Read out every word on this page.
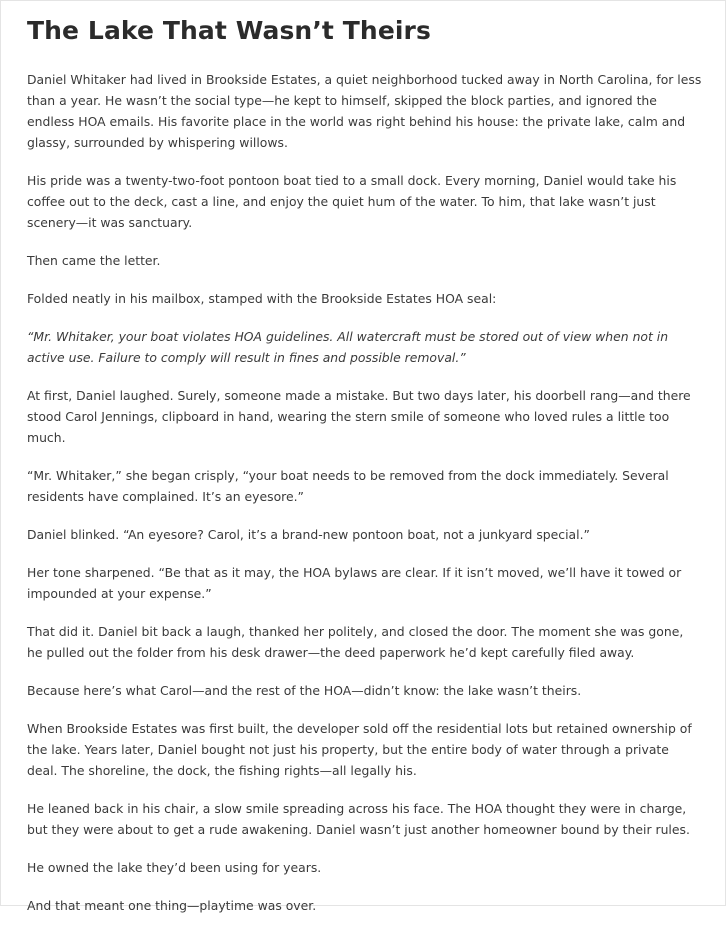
The Lake That Wasn’t Theirs

Daniel Whitaker had lived in Brookside Estates, a quiet neighborhood tucked away in North Carolina, for less than a year. He wasn’t the social type—he kept to himself, skipped the block parties, and ignored the endless HOA emails. His favorite place in the world was right behind his house: the private lake, calm and glassy, surrounded by whispering willows.

His pride was a twenty-two-foot pontoon boat tied to a small dock. Every morning, Daniel would take his coffee out to the deck, cast a line, and enjoy the quiet hum of the water. To him, that lake wasn’t just scenery—it was sanctuary.

Then came the letter.

Folded neatly in his mailbox, stamped with the Brookside Estates HOA seal:

“Mr. Whitaker, your boat violates HOA guidelines. All watercraft must be stored out of view when not in active use. Failure to comply will result in fines and possible removal.”

At first, Daniel laughed. Surely, someone made a mistake. But two days later, his doorbell rang—and there stood Carol Jennings, clipboard in hand, wearing the stern smile of someone who loved rules a little too much.

“Mr. Whitaker,” she began crisply, “your boat needs to be removed from the dock immediately. Several residents have complained. It’s an eyesore.”

Daniel blinked. “An eyesore? Carol, it’s a brand-new pontoon boat, not a junkyard special.”

Her tone sharpened. “Be that as it may, the HOA bylaws are clear. If it isn’t moved, we’ll have it towed or impounded at your expense.”

That did it. Daniel bit back a laugh, thanked her politely, and closed the door. The moment she was gone, he pulled out the folder from his desk drawer—the deed paperwork he’d kept carefully filed away.

Because here’s what Carol—and the rest of the HOA—didn’t know: the lake wasn’t theirs.

When Brookside Estates was first built, the developer sold off the residential lots but retained ownership of the lake. Years later, Daniel bought not just his property, but the entire body of water through a private deal. The shoreline, the dock, the fishing rights—all legally his.

He leaned back in his chair, a slow smile spreading across his face. The HOA thought they were in charge, but they were about to get a rude awakening. Daniel wasn’t just another homeowner bound by their rules.

He owned the lake they’d been using for years.

And that meant one thing—playtime was over.
